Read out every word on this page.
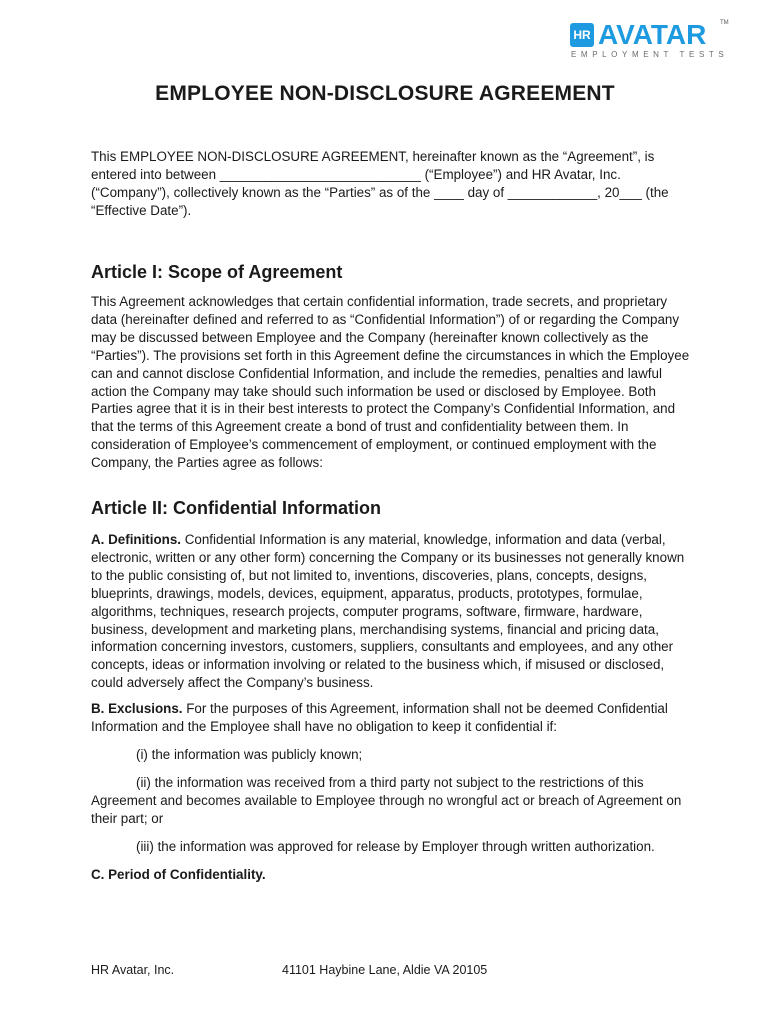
HR AVATAR TM
EMPLOYMENT TESTS
EMPLOYEE NON-DISCLOSURE AGREEMENT

This EMPLOYEE NON-DISCLOSURE AGREEMENT, hereinafter known as the “Agreement”, is entered into between ___________________________ (“Employee”) and HR Avatar, Inc. (“Company”), collectively known as the “Parties” as of the ____ day of ____________, 20___ (the “Effective Date”).

Article I: Scope of Agreement

This Agreement acknowledges that certain confidential information, trade secrets, and proprietary data (hereinafter defined and referred to as “Confidential Information”) of or regarding the Company may be discussed between Employee and the Company (hereinafter known collectively as the “Parties”). The provisions set forth in this Agreement define the circumstances in which the Employee can and cannot disclose Confidential Information, and include the remedies, penalties and lawful action the Company may take should such information be used or disclosed by Employee. Both Parties agree that it is in their best interests to protect the Company’s Confidential Information, and that the terms of this Agreement create a bond of trust and confidentiality between them. In consideration of Employee’s commencement of employment, or continued employment with the Company, the Parties agree as follows:

Article II: Confidential Information

A. Definitions. Confidential Information is any material, knowledge, information and data (verbal, electronic, written or any other form) concerning the Company or its businesses not generally known to the public consisting of, but not limited to, inventions, discoveries, plans, concepts, designs, blueprints, drawings, models, devices, equipment, apparatus, products, prototypes, formulae, algorithms, techniques, research projects, computer programs, software, firmware, hardware, business, development and marketing plans, merchandising systems, financial and pricing data, information concerning investors, customers, suppliers, consultants and employees, and any other concepts, ideas or information involving or related to the business which, if misused or disclosed, could adversely affect the Company’s business.

B. Exclusions. For the purposes of this Agreement, information shall not be deemed Confidential Information and the Employee shall have no obligation to keep it confidential if:

(i) the information was publicly known;

(ii) the information was received from a third party not subject to the restrictions of this

Agreement and becomes available to Employee through no wrongful act or breach of Agreement on their part; or

(iii) the information was approved for release by Employer through written authorization.

C. Period of Confidentiality.

HR Avatar, Inc.	41101 Haybine Lane, Aldie VA 20105
